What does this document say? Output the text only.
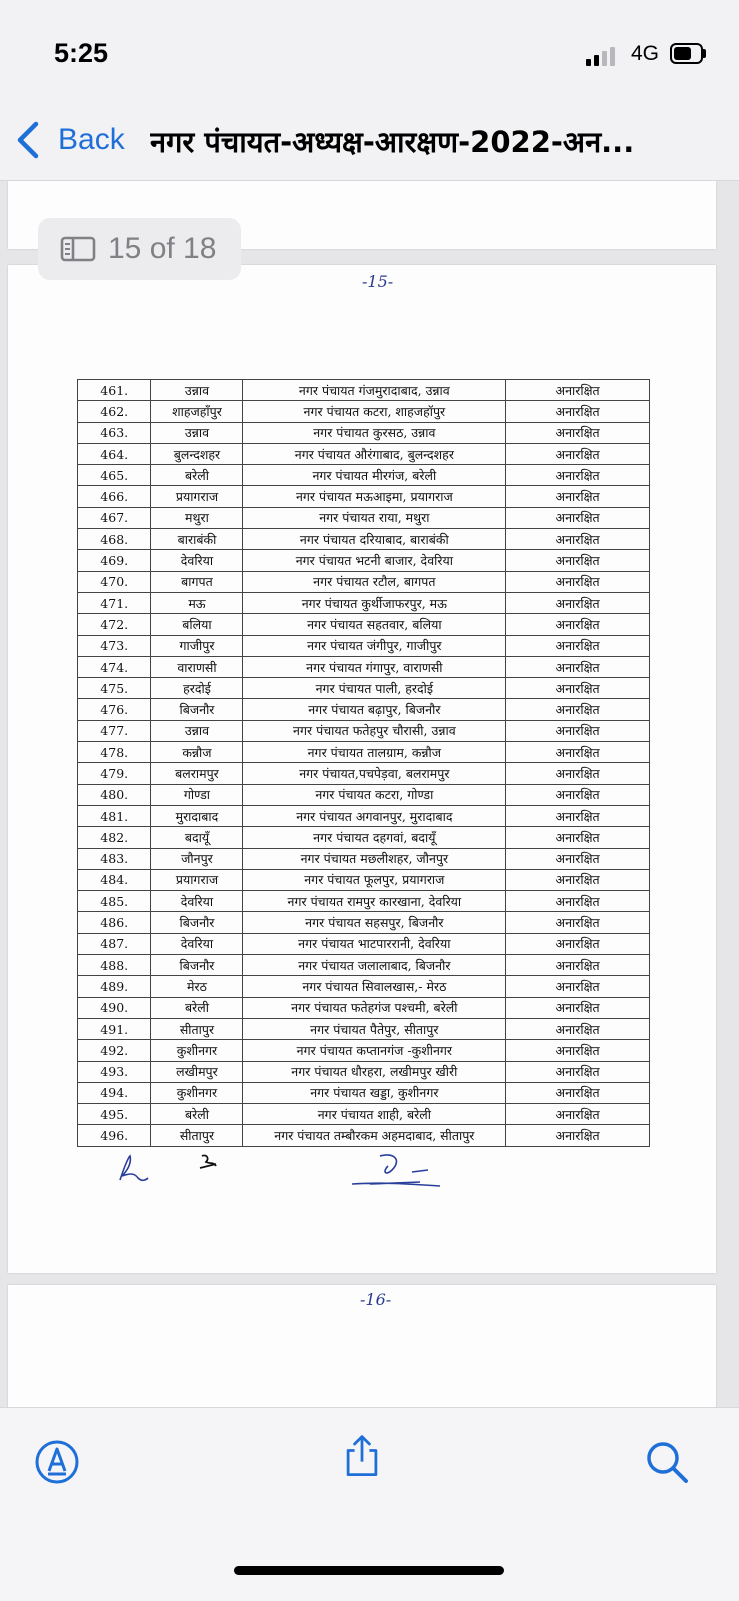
5:25	4G
Back नगर पंचायत-अध्यक्ष-आरक्षण-2022-अन...
-15-
-16-
15 of 18
461.	उन्नाव	नगर पंचायत गंजमुरादाबाद, उन्नाव	अनारक्षित
462.	शाहजहाँपुर	नगर पंचायत कटरा, शाहजहॉपुर	अनारक्षित
463.	उन्नाव	नगर पंचायत कुरसठ, उन्नाव	अनारक्षित
464.	बुलन्दशहर	नगर पंचायत औरंगाबाद, बुलन्दशहर	अनारक्षित
465.	बरेली	नगर पंचायत मीरगंज, बरेली	अनारक्षित
466.	प्रयागराज	नगर पंचायत मऊआइमा, प्रयागराज	अनारक्षित
467.	मथुरा	नगर पंचायत राया, मथुरा	अनारक्षित
468.	बाराबंकी	नगर पंचायत दरियाबाद, बाराबंकी	अनारक्षित
469.	देवरिया	नगर पंचायत भटनी बाजार, देवरिया	अनारक्षित
470.	बागपत	नगर पंचायत रटौल, बागपत	अनारक्षित
471.	मऊ	नगर पंचायत कुर्थीजाफरपुर, मऊ	अनारक्षित
472.	बलिया	नगर पंचायत सहतवार, बलिया	अनारक्षित
473.	गाजीपुर	नगर पंचायत जंगीपुर, गाजीपुर	अनारक्षित
474.	वाराणसी	नगर पंचायत गंगापुर, वाराणसी	अनारक्षित
475.	हरदोई	नगर पंचायत पाली, हरदोई	अनारक्षित
476.	बिजनौर	नगर पंचायत बढ़ापुर, बिजनौर	अनारक्षित
477.	उन्नाव	नगर पंचायत फतेहपुर चौरासी, उन्नाव	अनारक्षित
478.	कन्नौज	नगर पंचायत तालग्राम, कन्नौज	अनारक्षित
479.	बलरामपुर	नगर पंचायत,पचपेड़वा, बलरामपुर	अनारक्षित
480.	गोण्डा	नगर पंचायत कटरा, गोण्डा	अनारक्षित
481.	मुरादाबाद	नगर पंचायत अगवानपुर, मुरादाबाद	अनारक्षित
482.	बदायूँ	नगर पंचायत दहगवां, बदायूँ	अनारक्षित
483.	जौनपुर	नगर पंचायत मछलीशहर, जौनपुर	अनारक्षित
484.	प्रयागराज	नगर पंचायत फूलपुर, प्रयागराज	अनारक्षित
485.	देवरिया	नगर पंचायत रामपुर कारखाना, देवरिया	अनारक्षित
486.	बिजनौर	नगर पंचायत सहसपुर, बिजनौर	अनारक्षित
487.	देवरिया	नगर पंचायत भाटपाररानी, देवरिया	अनारक्षित
488.	बिजनौर	नगर पंचायत जलालाबाद, बिजनौर	अनारक्षित
489.	मेरठ	नगर पंचायत सिवालखास,- मेरठ	अनारक्षित
490.	बरेली	नगर पंचायत फतेहगंज पश्चमी, बरेली	अनारक्षित
491.	सीतापुर	नगर पंचायत पैतेपुर, सीतापुर	अनारक्षित
492.	कुशीनगर	नगर पंचायत कप्तानगंज -कुशीनगर	अनारक्षित
493.	लखीमपुर	नगर पंचायत धौरहरा, लखीमपुर खीरी	अनारक्षित
494.	कुशीनगर	नगर पंचायत खड्डा, कुशीनगर	अनारक्षित
495.	बरेली	नगर पंचायत शाही, बरेली	अनारक्षित
496.	सीतापुर	नगर पंचायत तम्बौरकम अहमदाबाद, सीतापुर	अनारक्षित
